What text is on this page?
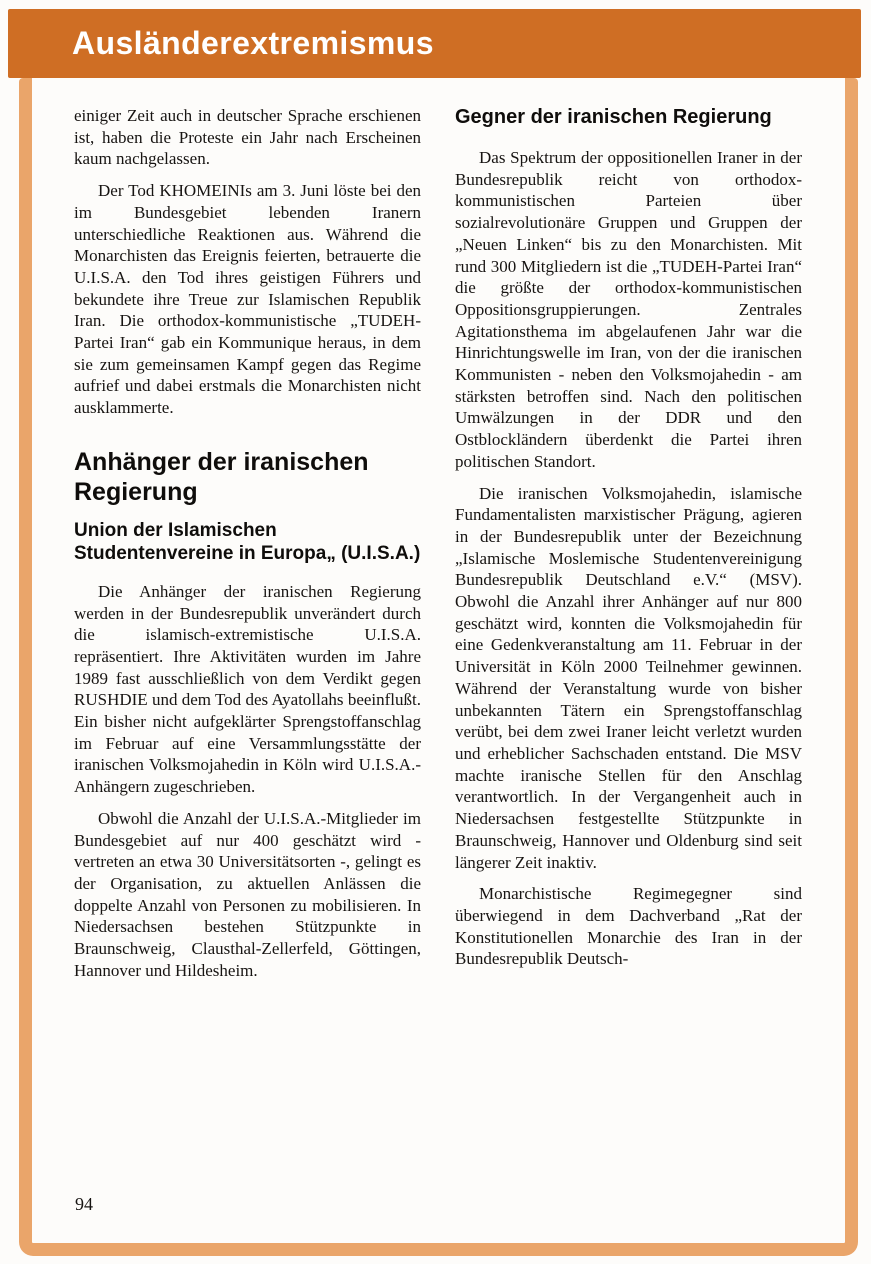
Ausländerextremismus

einiger Zeit auch in deutscher Sprache erschienen ist, haben die Proteste ein Jahr nach Erscheinen kaum nachgelassen.

Der Tod KHOMEINIs am 3. Juni löste bei den im Bundesgebiet lebenden Iranern unterschiedliche Reaktionen aus. Während die Monarchisten das Ereignis feierten, betrauerte die U.I.S.A. den Tod ihres geistigen Führers und bekundete ihre Treue zur Islamischen Republik Iran. Die orthodox-kommunistische „TUDEH-Partei Iran“ gab ein Kommunique heraus, in dem sie zum gemeinsamen Kampf gegen das Regime aufrief und dabei erstmals die Monarchisten nicht ausklammerte.

Anhänger der iranischen Regierung
Union der Islamischen Studentenvereine in Europa„ (U.I.S.A.)

Die Anhänger der iranischen Regierung werden in der Bundesrepublik unverändert durch die islamisch-extremistische U.I.S.A. repräsentiert. Ihre Aktivitäten wurden im Jahre 1989 fast ausschließlich von dem Verdikt gegen RUSHDIE und dem Tod des Ayatollahs beeinflußt. Ein bisher nicht aufgeklärter Sprengstoffanschlag im Februar auf eine Versammlungsstätte der iranischen Volksmojahedin in Köln wird U.I.S.A.-Anhängern zugeschrieben.

Obwohl die Anzahl der U.I.S.A.-Mitglieder im Bundesgebiet auf nur 400 geschätzt wird - vertreten an etwa 30 Universitätsorten -, gelingt es der Organisation, zu aktuellen Anlässen die doppelte Anzahl von Personen zu mobilisieren. In Niedersachsen bestehen Stützpunkte in Braunschweig, Clausthal-Zellerfeld, Göttingen, Hannover und Hildesheim.

Gegner der iranischen Regierung

Das Spektrum der oppositionellen Iraner in der Bundesrepublik reicht von orthodox-kommunistischen Parteien über sozialrevolutionäre Gruppen und Gruppen der „Neuen Linken“ bis zu den Monarchisten. Mit rund 300 Mitgliedern ist die „TUDEH-Partei Iran“ die größte der orthodox-kommunistischen Oppositionsgruppierungen. Zentrales Agitationsthema im abgelaufenen Jahr war die Hinrichtungswelle im Iran, von der die iranischen Kommunisten - neben den Volksmojahedin - am stärksten betroffen sind. Nach den politischen Umwälzungen in der DDR und den Ostblockländern überdenkt die Partei ihren politischen Standort.

Die iranischen Volksmojahedin, islamische Fundamentalisten marxistischer Prägung, agieren in der Bundesrepublik unter der Bezeichnung „Islamische Moslemische Studentenvereinigung Bundesrepublik Deutschland e.V.“ (MSV). Obwohl die Anzahl ihrer Anhänger auf nur 800 geschätzt wird, konnten die Volksmojahedin für eine Gedenkveranstaltung am 11. Februar in der Universität in Köln 2000 Teilnehmer gewinnen. Während der Veranstaltung wurde von bisher unbekannten Tätern ein Sprengstoffanschlag verübt, bei dem zwei Iraner leicht verletzt wurden und erheblicher Sachschaden entstand. Die MSV machte iranische Stellen für den Anschlag verantwortlich. In der Vergangenheit auch in Niedersachsen festgestellte Stützpunkte in Braunschweig, Hannover und Oldenburg sind seit längerer Zeit inaktiv.

Monarchistische Regimegegner sind überwiegend in dem Dachverband „Rat der Konstitutionellen Monarchie des Iran in der Bundesrepublik Deutsch-

94
